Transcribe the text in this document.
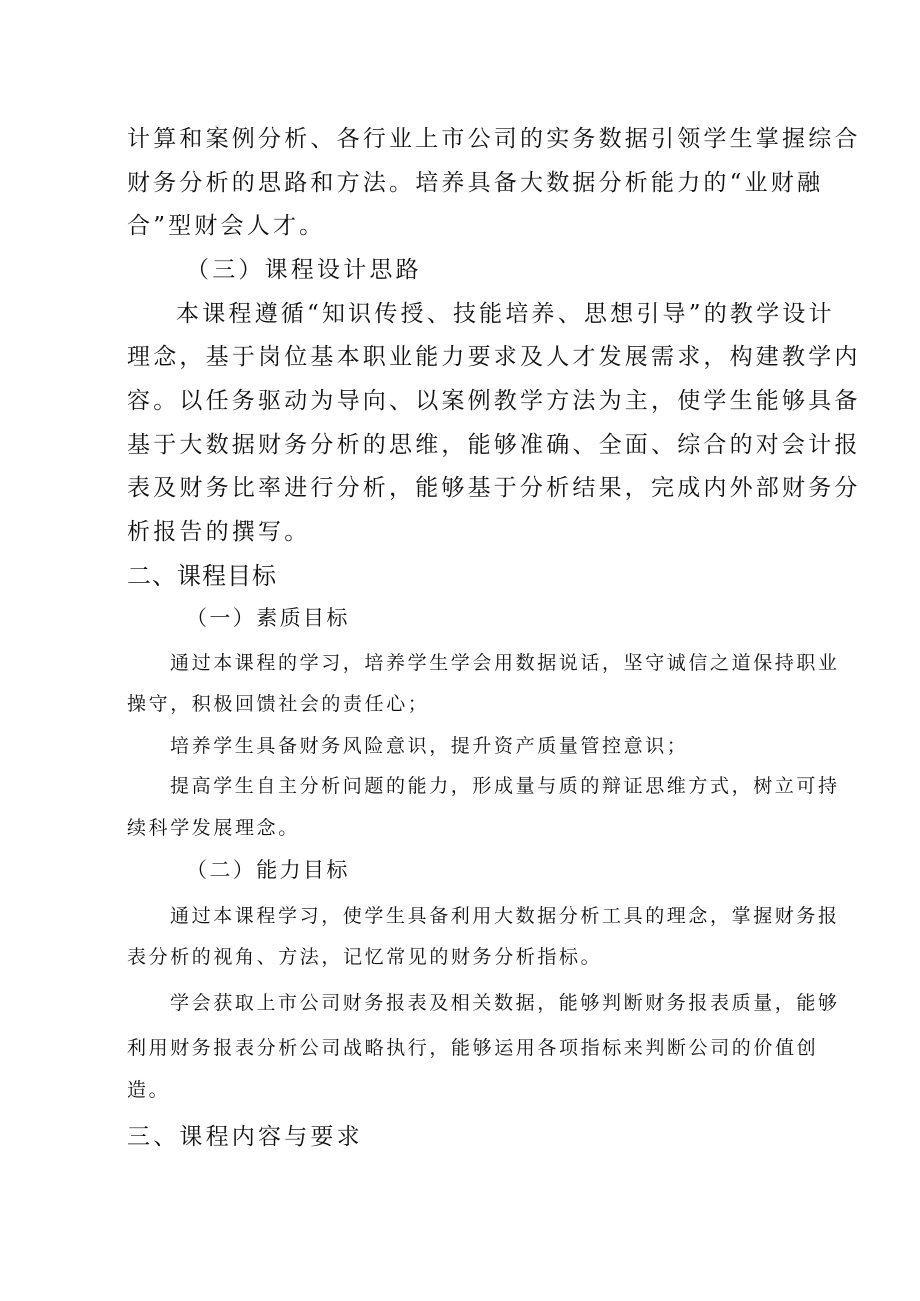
计算和案例分析、各行业上市公司的实务数据引领学生掌握综合
财务分析的思路和方法。培养具备大数据分析能力的“业财融
合”型财会人才。
（三）课程设计思路
本课程遵循“知识传授、技能培养、思想引导”的教学设计
理念，基于岗位基本职业能力要求及人才发展需求，构建教学内
容。以任务驱动为导向、以案例教学方法为主，使学生能够具备
基于大数据财务分析的思维，能够准确、全面、综合的对会计报
表及财务比率进行分析，能够基于分析结果，完成内外部财务分
析报告的撰写。
二、课程目标
（一）素质目标
通过本课程的学习，培养学生学会用数据说话，坚守诚信之道保持职业
操守，积极回馈社会的责任心；
培养学生具备财务风险意识，提升资产质量管控意识；
提高学生自主分析问题的能力，形成量与质的辩证思维方式，树立可持
续科学发展理念。
（二）能力目标
通过本课程学习，使学生具备利用大数据分析工具的理念，掌握财务报
表分析的视角、方法，记忆常见的财务分析指标。
学会获取上市公司财务报表及相关数据，能够判断财务报表质量，能够
利用财务报表分析公司战略执行，能够运用各项指标来判断公司的价值创
造。
三、课程内容与要求
